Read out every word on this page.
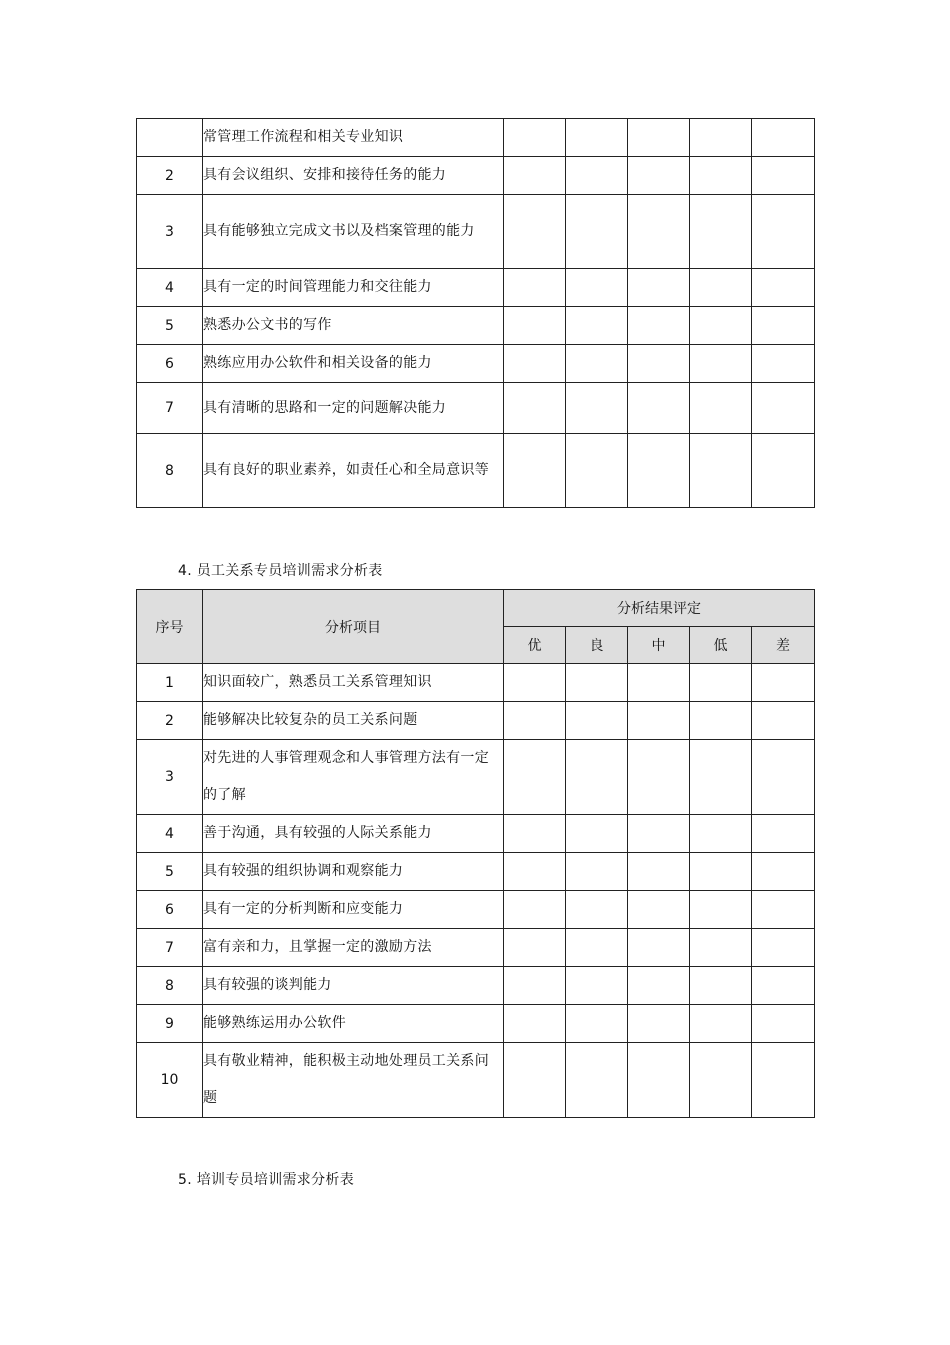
	常管理工作流程和相关专业知识					
2	具有会议组织、安排和接待任务的能力					
3	具有能够独立完成文书以及档案管理的能力					
4	具有一定的时间管理能力和交往能力					
5	熟悉办公文书的写作					
6	熟练应用办公软件和相关设备的能力					
7	具有清晰的思路和一定的问题解决能力					
8	具有良好的职业素养，如责任心和全局意识等					
4. 员工关系专员培训需求分析表
序号	分析项目	分析结果评定				
		优	良	中	低	差
1	知识面较广，熟悉员工关系管理知识					
2	能够解决比较复杂的员工关系问题					
3	对先进的人事管理观念和人事管理方法有一定的了解					
4	善于沟通，具有较强的人际关系能力					
5	具有较强的组织协调和观察能力					
6	具有一定的分析判断和应变能力					
7	富有亲和力，且掌握一定的激励方法					
8	具有较强的谈判能力					
9	能够熟练运用办公软件					
10	具有敬业精神，能积极主动地处理员工关系问题					
5. 培训专员培训需求分析表
